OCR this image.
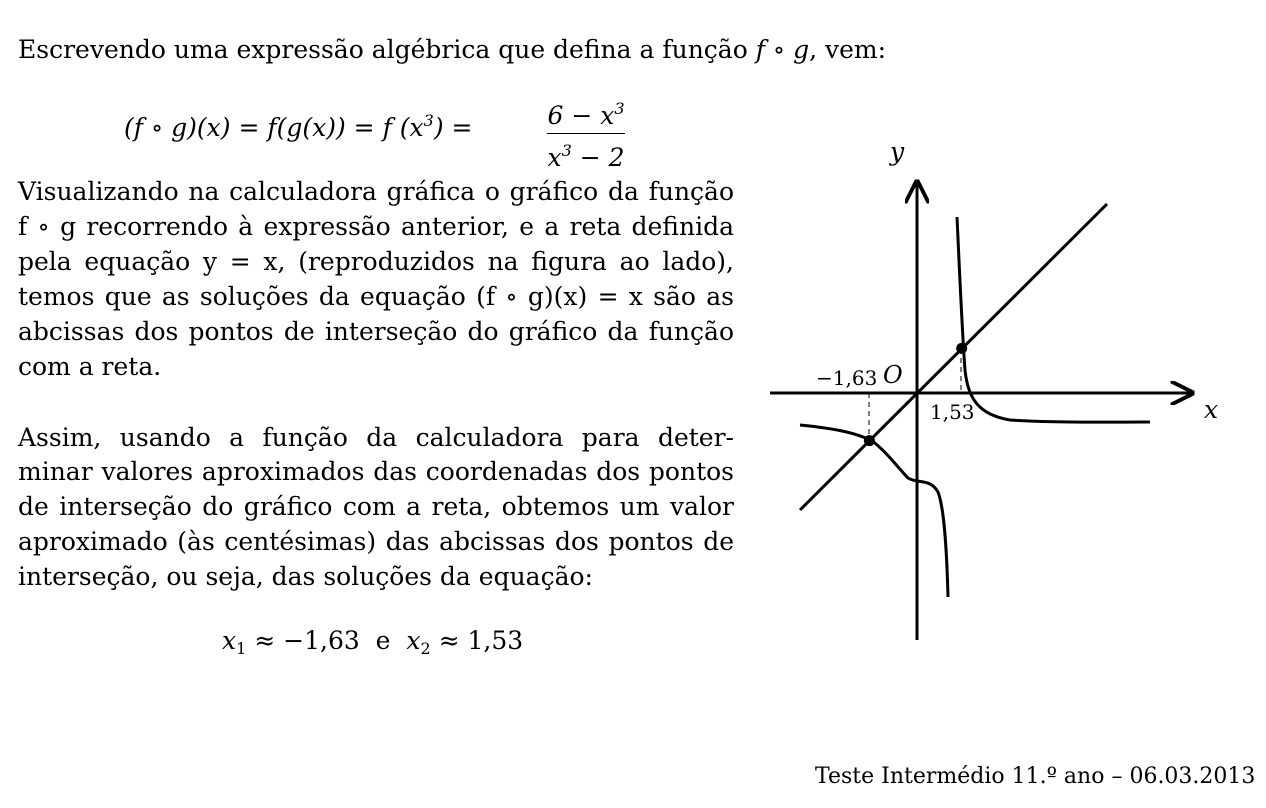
Escrevendo uma expressão algébrica que defina a função f ∘ g, vem:
(f ∘ g)(x) = f(g(x)) = f $(x^3)$ =	$6 - x^3$
$x^3 - 2$
Visualizando na calculadora gráfica o gráfico da função
f ∘ g recorrendo à expressão anterior, e a reta definida
pela equação y = x, (reproduzidos na figura ao lado),
temos que as soluções da equação (f ∘ g)(x) = x são as
abcissas dos pontos de interseção do gráfico da função
com a reta.
Assim, usando a função da calculadora para deter-
minar valores aproximados das coordenadas dos pontos
de interseção do gráfico com a reta, obtemos um valor
aproximado (às centésimas) das abcissas dos pontos de
interseção, ou seja, das soluções da equação:
$x_1 \approx -1,63$  e  $x_2 \approx 1,53$
x
y
O
−1,63
1,53
Teste Intermédio 11.º ano – 06.03.2013
